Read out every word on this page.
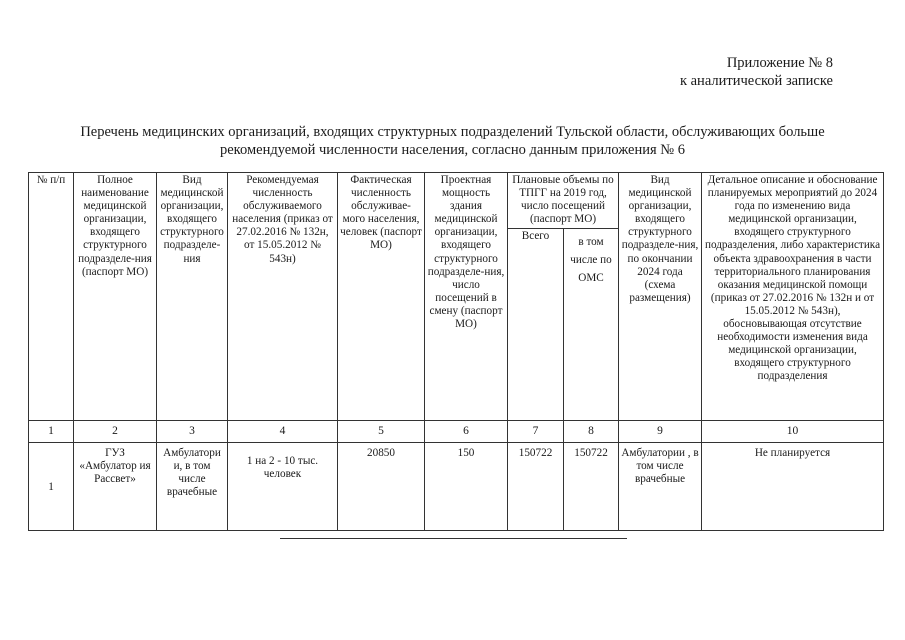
Приложение № 8
к аналитической записке
Перечень медицинских организаций, входящих структурных подразделений Тульской области, обслуживающих больше
рекомендуемой численности населения, согласно данным приложения № 6
№ п/п	Полное наименование медицинской организации, входящего структурного подразделе-ния (паспорт МО)	Вид медицинской организации, входящего структурного подразделе-ния	Рекомендуемая численность обслуживаемого населения (приказ от 27.02.2016 № 132н, от 15.05.2012 № 543н)	Фактическая численность обслуживае-мого населения, человек (паспорт МО)	Проектная мощность здания медицинской организации, входящего структурного подразделе-ния, число посещений в смену (паспорт МО)	Плановые объемы по ТПГГ на 2019 год, число посещений (паспорт МО)		Вид медицинской организации, входящего структурного подразделе-ния, по окончании 2024 года (схема размещения)	Детальное описание и обоснование планируемых мероприятий до 2024 года по изменению вида медицинской организации, входящего структурного подразделения, либо характеристика объекта здравоохранения в части территориального планирования оказания медицинской помощи (приказ от 27.02.2016 № 132н и от 15.05.2012 № 543н), обосновывающая отсутствие необходимости изменения вида медицинской организации, входящего структурного подразделения
						Всего	в том числе по ОМС		
1	2	3	4	5	6	7	8	9	10
1	ГУЗ «Амбулатор ия Рассвет»	Амбулатори и, в том числе врачебные	1 на 2 - 10 тыс. человек	20850	150	150722	150722	Амбулатории , в том числе врачебные	Не планируется
